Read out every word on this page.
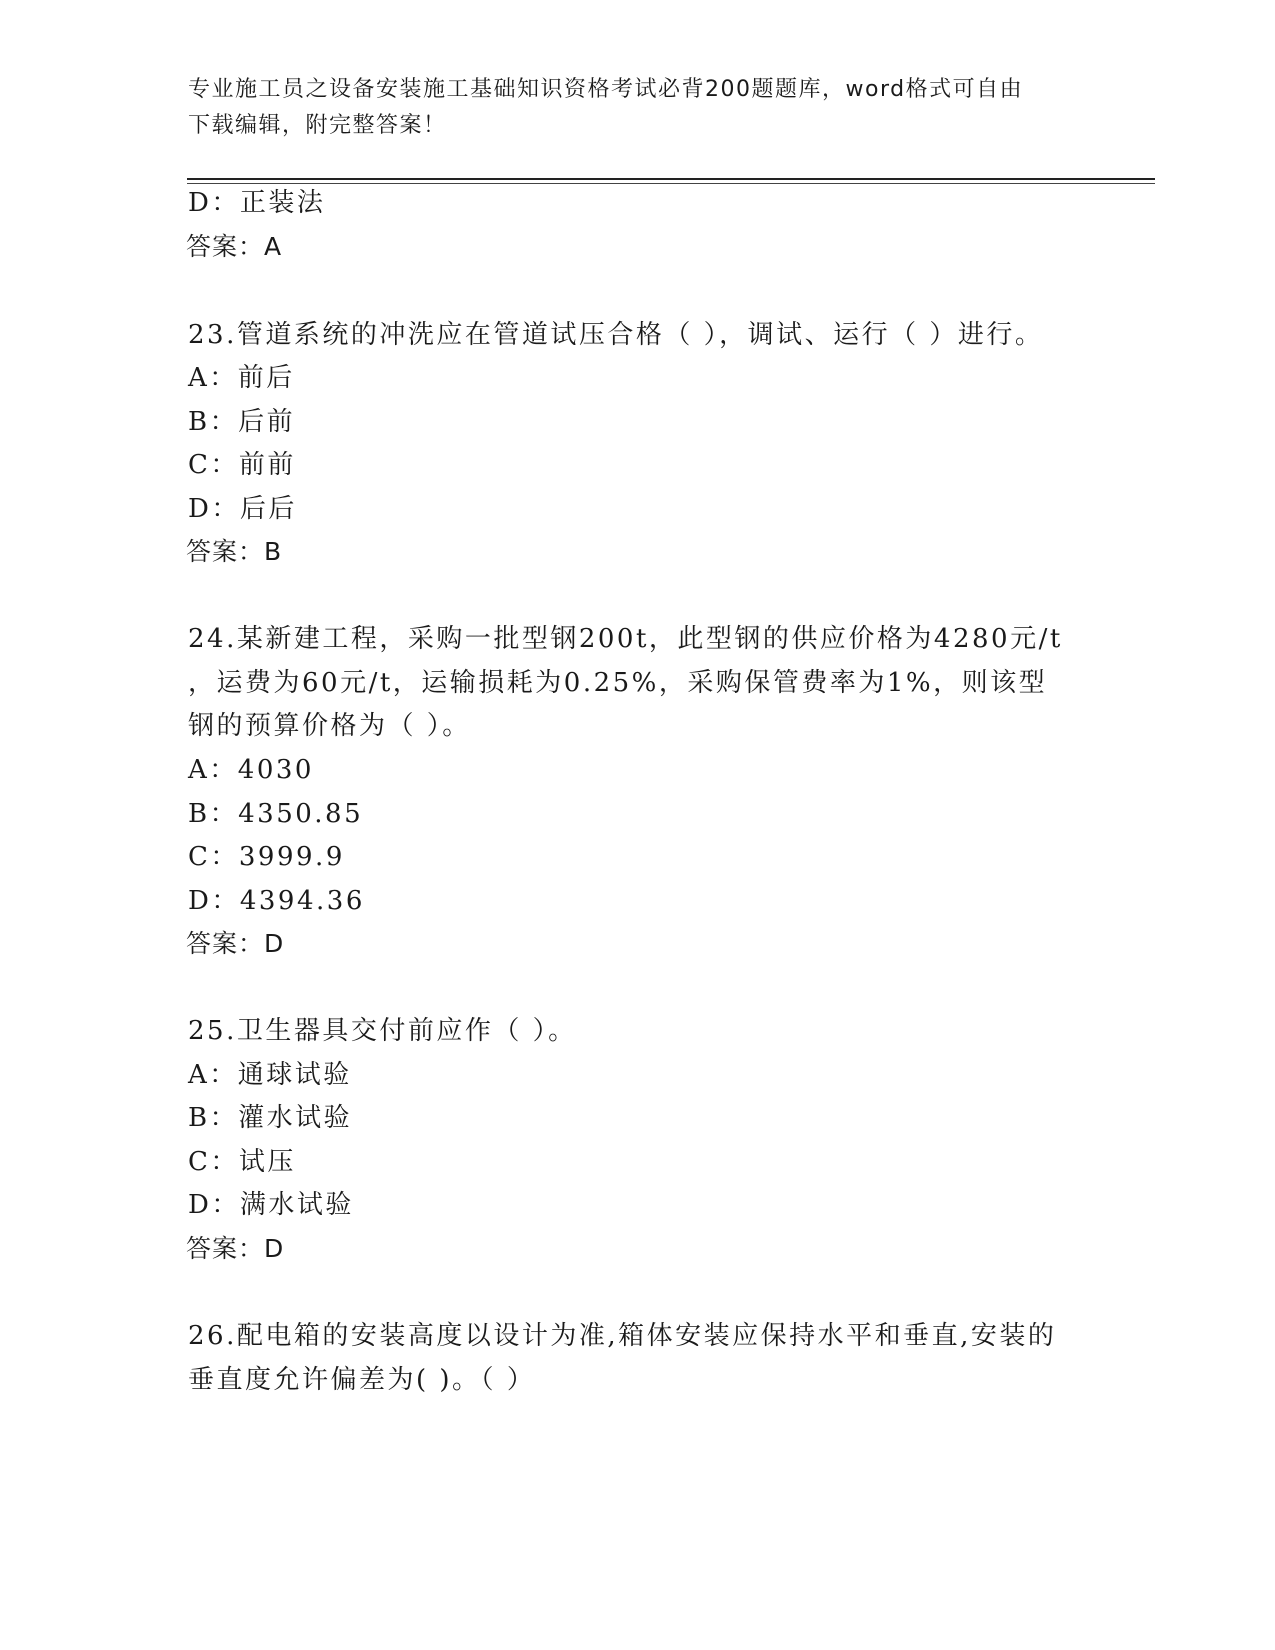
专业施工员之设备安装施工基础知识资格考试必背200题题库，word格式可自由
下载编辑，附完整答案！
D：正装法
答案：A
23.管道系统的冲洗应在管道试压合格（ ），调试、运行（ ）进行。
A：前后
B：后前
C：前前
D：后后
答案：B
24.某新建工程，采购一批型钢200t，此型钢的供应价格为4280元/t
，运费为60元/t，运输损耗为0.25%，采购保管费率为1%，则该型
钢的预算价格为（ ）。
A：4030
B：4350.85
C：3999.9
D：4394.36
答案：D
25.卫生器具交付前应作（ ）。
A：通球试验
B：灌水试验
C：试压
D：满水试验
答案：D
26.配电箱的安装高度以设计为准,箱体安装应保持水平和垂直,安装的
垂直度允许偏差为( )。（ ）
